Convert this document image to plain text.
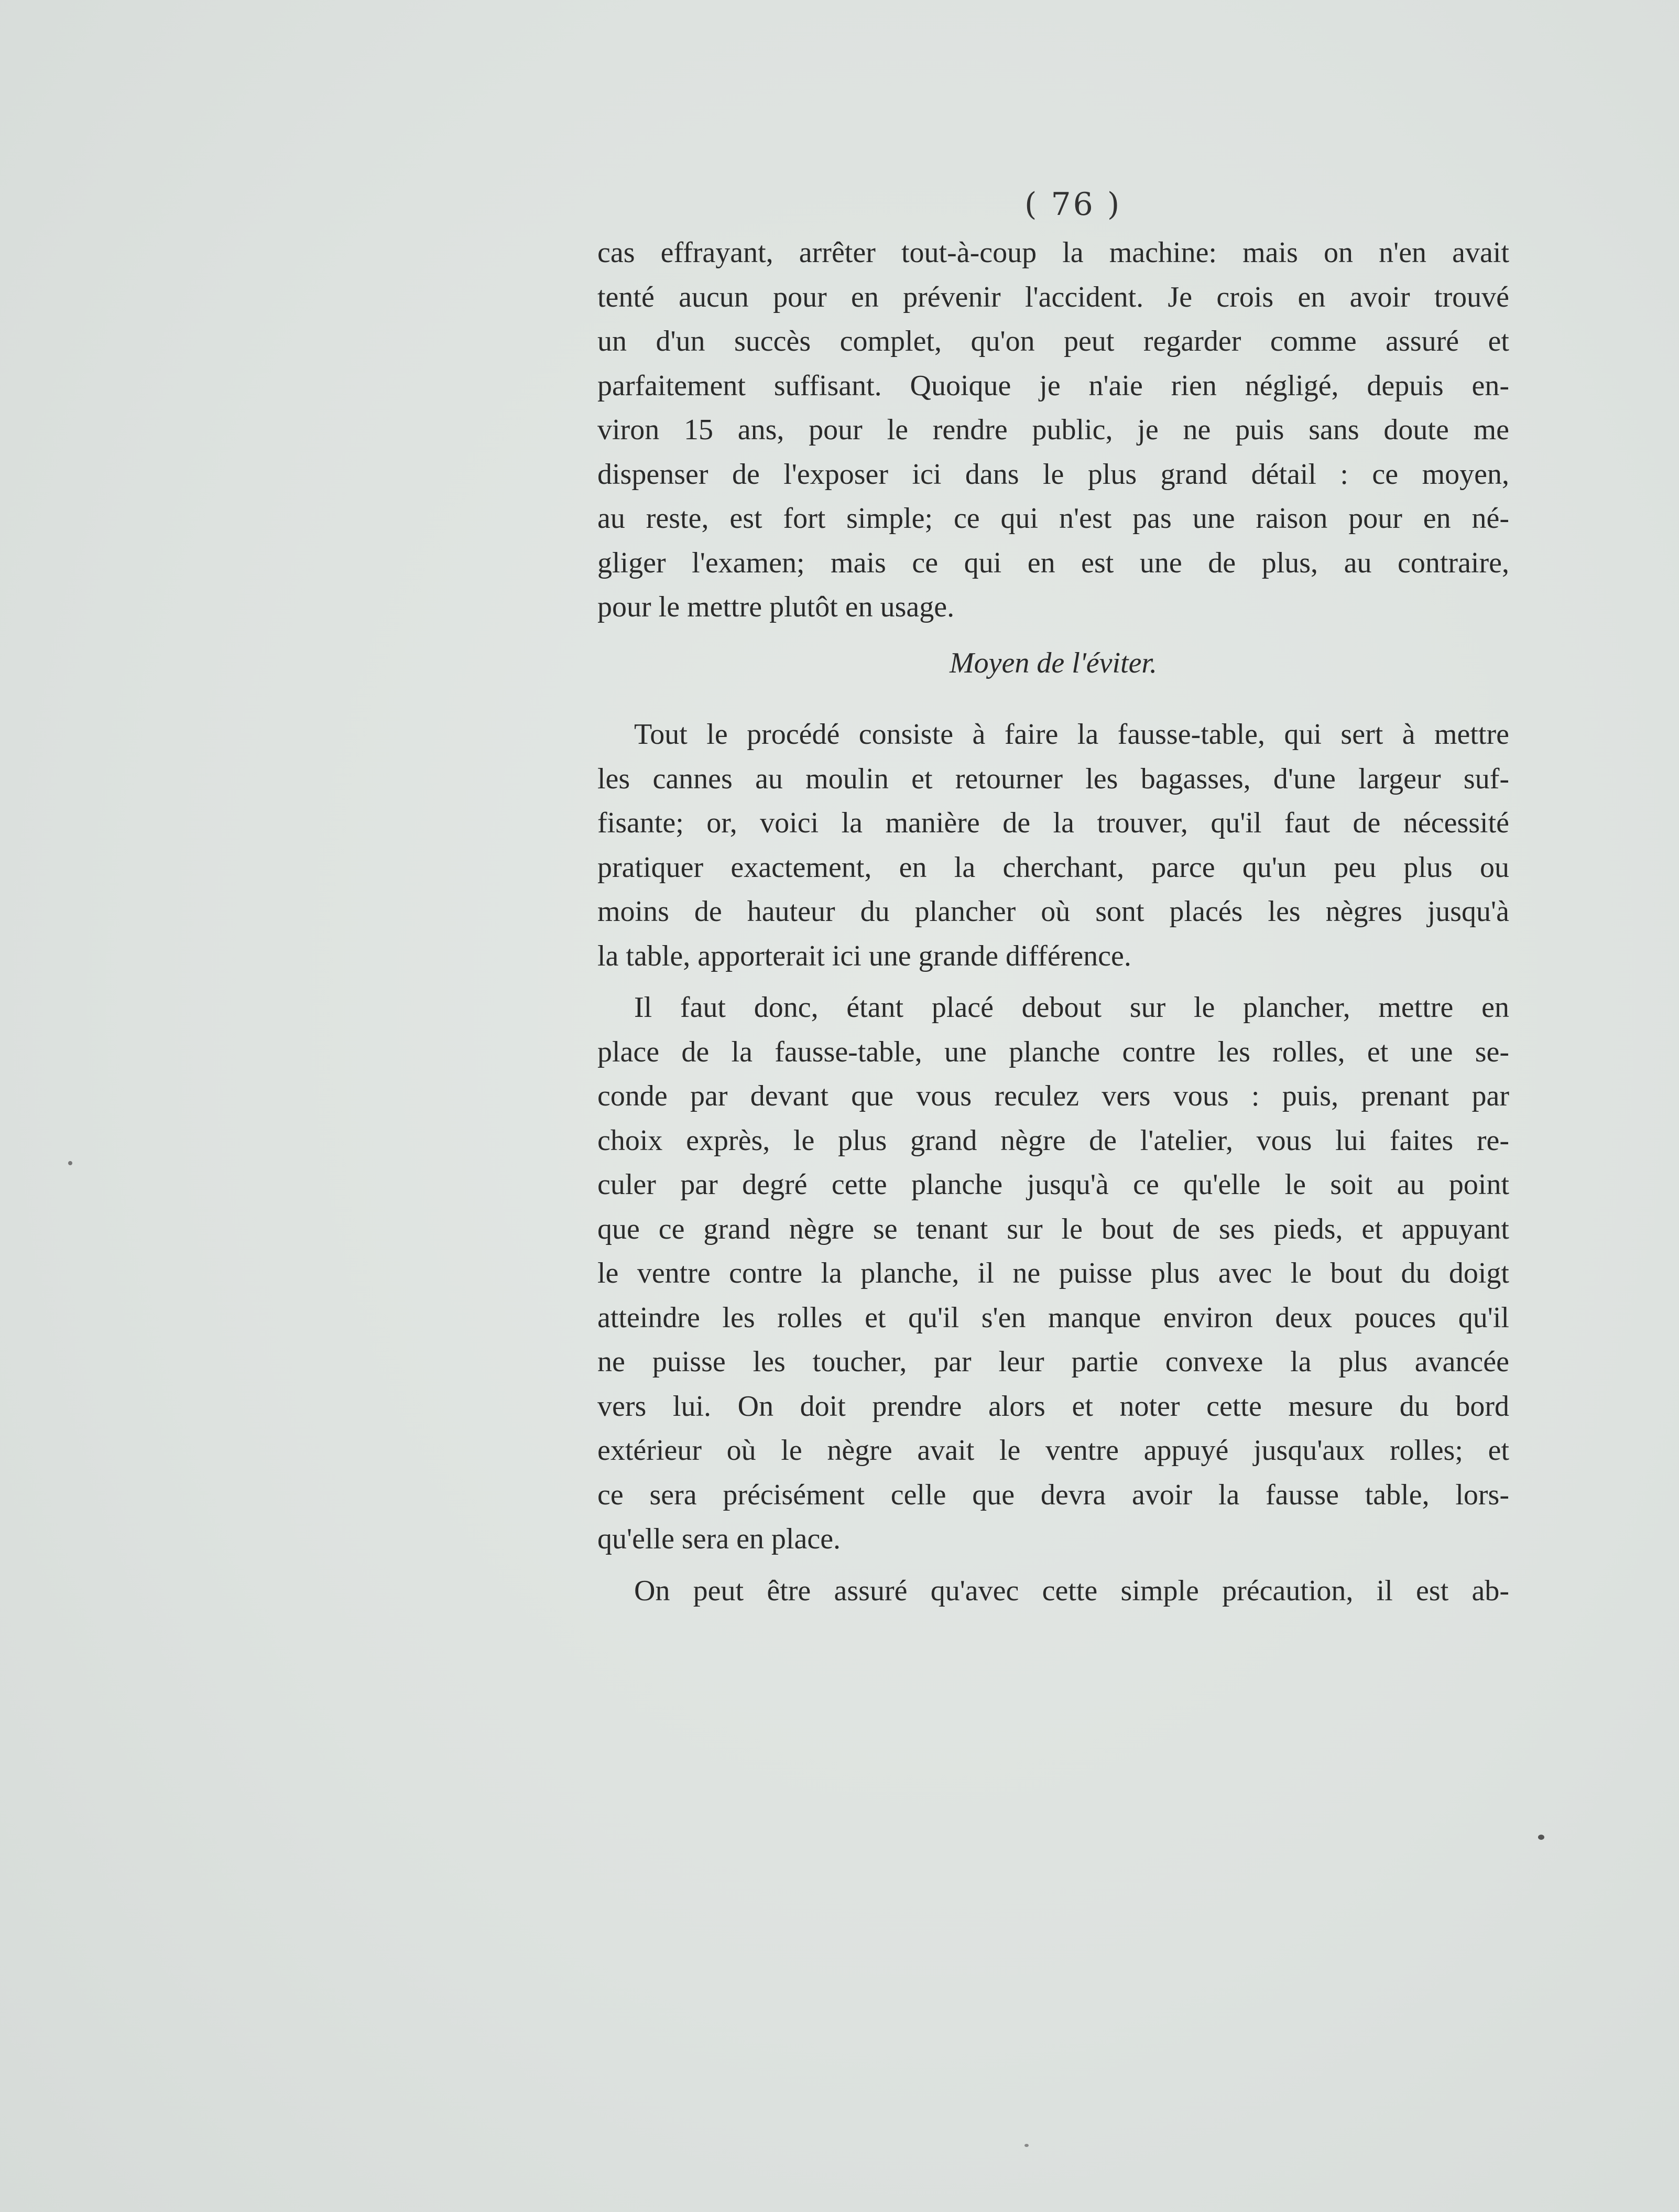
( 76 )
cas effrayant, arrêter tout-à-coup la machine: mais on n'en avait
tenté aucun pour en prévenir l'accident. Je crois en avoir trouvé
un d'un succès complet, qu'on peut regarder comme assuré et
parfaitement suffisant. Quoique je n'aie rien négligé, depuis en-
viron 15 ans, pour le rendre public, je ne puis sans doute me
dispenser de l'exposer ici dans le plus grand détail : ce moyen,
au reste, est fort simple; ce qui n'est pas une raison pour en né-
gliger l'examen; mais ce qui en est une de plus, au contraire,
pour le mettre plutôt en usage.
Moyen de l'éviter.
Tout le procédé consiste à faire la fausse-table, qui sert à mettre
les cannes au moulin et retourner les bagasses, d'une largeur suf-
fisante; or, voici la manière de la trouver, qu'il faut de nécessité
pratiquer exactement, en la cherchant, parce qu'un peu plus ou
moins de hauteur du plancher où sont placés les nègres jusqu'à
la table, apporterait ici une grande différence.
Il faut donc, étant placé debout sur le plancher, mettre en
place de la fausse-table, une planche contre les rolles, et une se-
conde par devant que vous reculez vers vous : puis, prenant par
choix exprès, le plus grand nègre de l'atelier, vous lui faites re-
culer par degré cette planche jusqu'à ce qu'elle le soit au point
que ce grand nègre se tenant sur le bout de ses pieds, et appuyant
le ventre contre la planche, il ne puisse plus avec le bout du doigt
atteindre les rolles et qu'il s'en manque environ deux pouces qu'il
ne puisse les toucher, par leur partie convexe la plus avancée
vers lui. On doit prendre alors et noter cette mesure du bord
extérieur où le nègre avait le ventre appuyé jusqu'aux rolles; et
ce sera précisément celle que devra avoir la fausse table, lors-
qu'elle sera en place.
On peut être assuré qu'avec cette simple précaution, il est ab-
